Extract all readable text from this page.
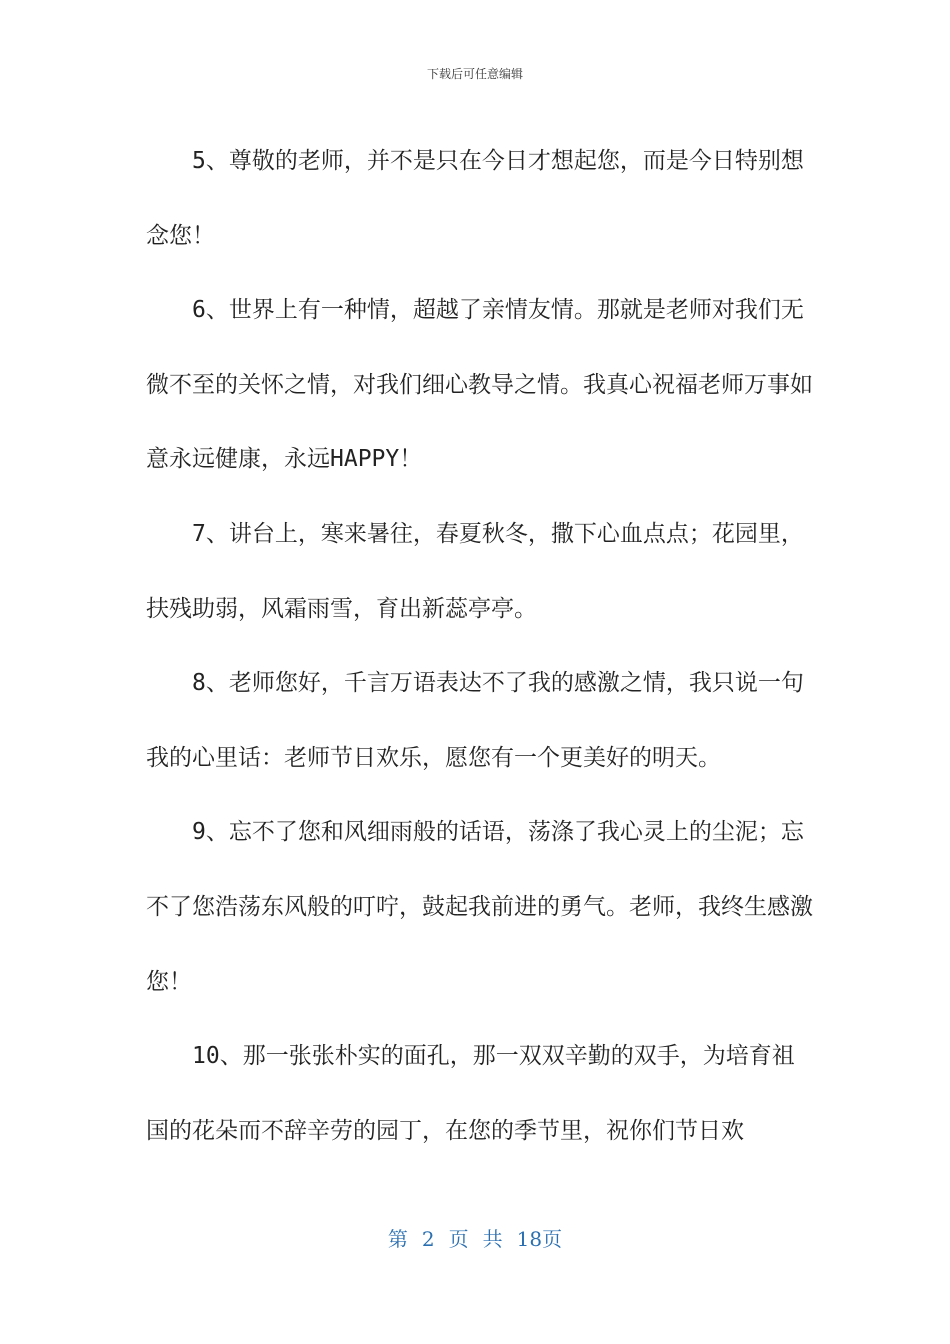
下载后可任意编辑

5、尊敬的老师，并不是只在今日才想起您，而是今日特别想念您！

6、世界上有一种情，超越了亲情友情。那就是老师对我们无微不至的关怀之情，对我们细心教导之情。我真心祝福老师万事如意永远健康，永远HAPPY！

7、讲台上，寒来暑往，春夏秋冬，撒下心血点点；花园里，扶残助弱，风霜雨雪，育出新蕊亭亭。

8、老师您好，千言万语表达不了我的感激之情，我只说一句我的心里话：老师节日欢乐，愿您有一个更美好的明天。

9、忘不了您和风细雨般的话语，荡涤了我心灵上的尘泥；忘不了您浩荡东风般的叮咛，鼓起我前进的勇气。老师，我终生感激您！

10、那一张张朴实的面孔，那一双双辛勤的双手，为培育祖国的花朵而不辞辛劳的园丁，在您的季节里，祝你们节日欢

第 2 页 共 18页
